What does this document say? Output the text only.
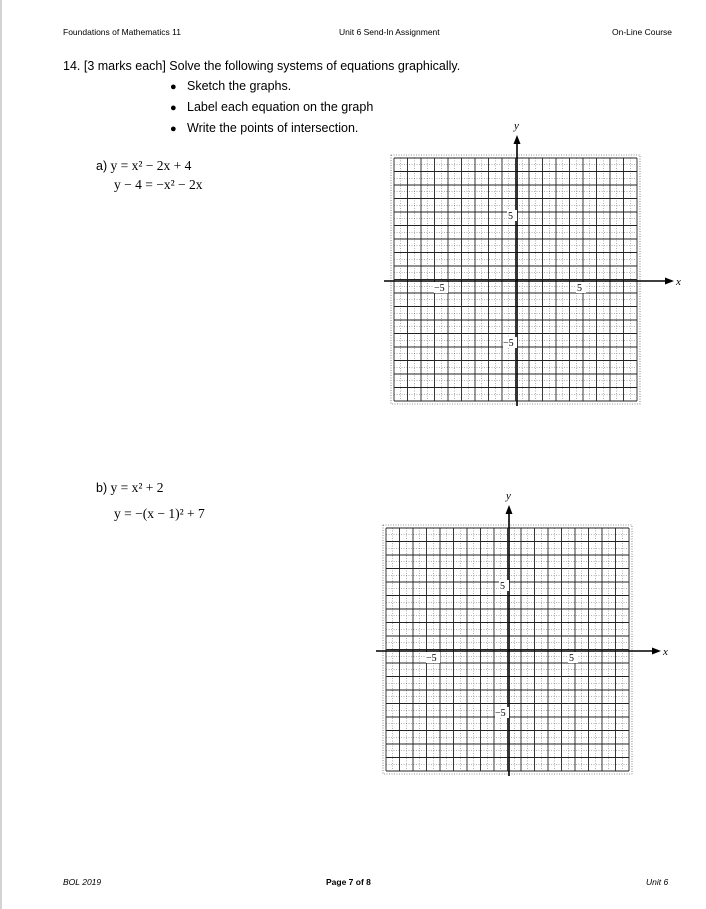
Foundations of Mathematics 11	Unit 6 Send-In Assignment	On-Line Course
14. [3 marks each] Solve the following systems of equations graphically.
● Sketch the graphs.
● Label each equation on the graph
● Write the points of intersection.
a) y = x² − 2x + 4
y − 4 = −x² − 2x
x
y
5
−5
−5	5
b) y = x² + 2
y = −(x − 1)² + 7
x
y
5
−5
−5	5
BOL 2019	Page 7 of 8	Unit 6
